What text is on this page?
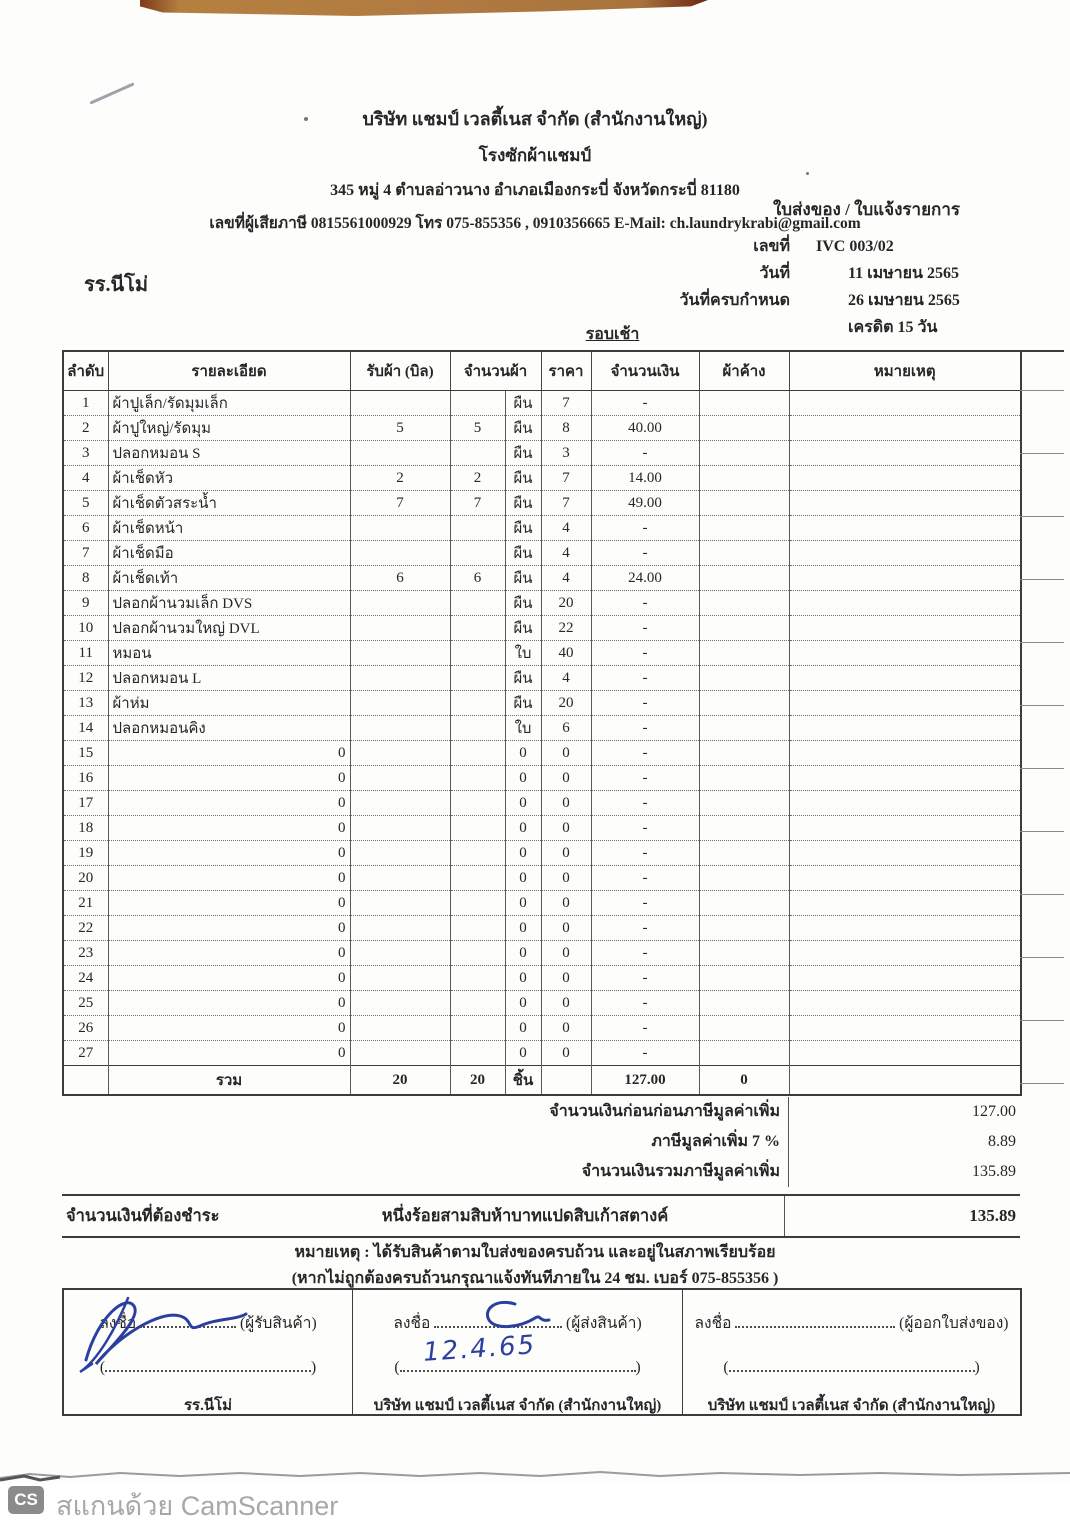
บริษัท แชมป์ เวลตี้เนส จำกัด (สำนักงานใหญ่)
โรงซักผ้าแชมป์
345 หมู่ 4 ตำบลอ่าวนาง อำเภอเมืองกระบี่ จังหวัดกระบี่ 81180
เลขที่ผู้เสียภาษี 0815561000929 โทร 075-855356 , 0910356665 E-Mail: ch.laundrykrabi@gmail.com
ใบส่งของ / ใบแจ้งรายการ
รร.นีโม่
เลขที่	IVC 003/02
วันที่	11 เมษายน 2565
วันที่ครบกำหนด	26 เมษายน 2565
เครดิต 15 วัน
รอบเช้า
ลำดับ	รายละเอียด	รับผ้า (บิล)	จำนวนผ้า		ราคา	จำนวนเงิน	ผ้าค้าง	หมายเหตุ
1	ผ้าปูเล็ก/รัดมุมเล็ก			ผืน	7	-		
2	ผ้าปูใหญ่/รัดมุม	5	5	ผืน	8	40.00		
3	ปลอกหมอน S			ผืน	3	-		
4	ผ้าเช็ดหัว	2	2	ผืน	7	14.00		
5	ผ้าเช็ดตัวสระน้ำ	7	7	ผืน	7	49.00		
6	ผ้าเช็ดหน้า			ผืน	4	-		
7	ผ้าเช็ดมือ			ผืน	4	-		
8	ผ้าเช็ดเท้า	6	6	ผืน	4	24.00		
9	ปลอกผ้านวมเล็ก DVS			ผืน	20	-		
10	ปลอกผ้านวมใหญ่ DVL			ผืน	22	-		
11	หมอน			ใบ	40	-		
12	ปลอกหมอน L			ผืน	4	-		
13	ผ้าห่ม			ผืน	20	-		
14	ปลอกหมอนคิง			ใบ	6	-		
15	0			0	0	-		
16	0			0	0	-		
17	0			0	0	-		
18	0			0	0	-		
19	0			0	0	-		
20	0			0	0	-		
21	0			0	0	-		
22	0			0	0	-		
23	0			0	0	-		
24	0			0	0	-		
25	0			0	0	-		
26	0			0	0	-		
27	0			0	0	-		
	รวม	20	20	ชิ้น		127.00	0	
จำนวนเงินก่อนก่อนภาษีมูลค่าเพิ่ม	127.00
ภาษีมูลค่าเพิ่ม 7 %	8.89
จำนวนเงินรวมภาษีมูลค่าเพิ่ม	135.89
จำนวนเงินที่ต้องชำระ	หนึ่งร้อยสามสิบห้าบาทแปดสิบเก้าสตางค์	135.89
หมายเหตุ : ได้รับสินค้าตามใบส่งของครบถ้วน และอยู่ในสภาพเรียบร้อย
(หากไม่ถูกต้องครบถ้วนกรุณาแจ้งทันทีภายใน 24 ชม. เบอร์ 075-855356 )
ลงชื่อ	(ผู้รับสินค้า)
(	)
รร.นีโม่
12.4.65
ลงชื่อ	(ผู้ส่งสินค้า)
(	)
บริษัท แชมป์ เวลตี้เนส จำกัด (สำนักงานใหญ่)
ลงชื่อ	(ผู้ออกใบส่งของ)
(	)
บริษัท แชมป์ เวลตี้เนส จำกัด (สำนักงานใหญ่)
CS สแกนด้วย CamScanner
